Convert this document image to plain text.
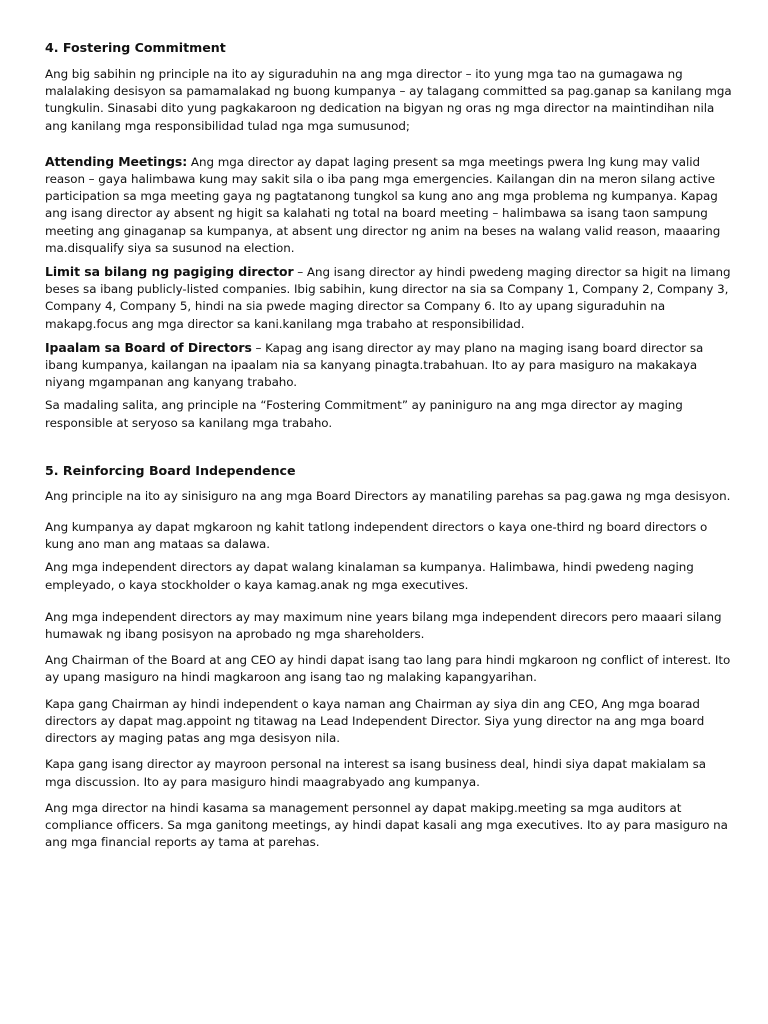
4. Fostering Commitment

Ang big sabihin ng principle na ito ay siguraduhin na ang mga director – ito yung mga tao na gumagawa ng malalaking desisyon sa pamamalakad ng buong kumpanya – ay talagang committed sa pag.ganap sa kanilang mga tungkulin. Sinasabi dito yung pagkakaroon ng dedication na bigyan ng oras ng mga director na maintindihan nila ang kanilang mga responsibilidad tulad nga mga sumusunod;

Attending Meetings: Ang mga director ay dapat laging present sa mga meetings pwera lng kung may valid reason – gaya halimbawa kung may sakit sila o iba pang mga emergencies. Kailangan din na meron silang active participation sa mga meeting gaya ng pagtatanong tungkol sa kung ano ang mga problema ng kumpanya. Kapag ang isang director ay absent ng higit sa kalahati ng total na board meeting – halimbawa sa isang taon sampung meeting ang ginaganap sa kumpanya, at absent ung director ng anim na beses na walang valid reason, maaaring ma.disqualify siya sa susunod na election.

Limit sa bilang ng pagiging director – Ang isang director ay hindi pwedeng maging director sa higit na limang beses sa ibang publicly-listed companies. Ibig sabihin, kung director na sia sa Company 1, Company 2, Company 3, Company 4, Company 5, hindi na sia pwede maging director sa Company 6. Ito ay upang siguraduhin na makapg.focus ang mga director sa kani.kanilang mga trabaho at responsibilidad.

Ipaalam sa Board of Directors – Kapag ang isang director ay may plano na maging isang board director sa ibang kumpanya, kailangan na ipaalam nia sa kanyang pinagta.trabahuan. Ito ay para masiguro na makakaya niyang mgampanan ang kanyang trabaho.

Sa madaling salita, ang principle na “Fostering Commitment” ay paniniguro na ang mga director ay maging responsible at seryoso sa kanilang mga trabaho.

5. Reinforcing Board Independence

Ang principle na ito ay sinisiguro na ang mga Board Directors ay manatiling parehas sa pag.gawa ng mga desisyon.

Ang kumpanya ay dapat mgkaroon ng kahit tatlong independent directors o kaya one-third ng board directors o kung ano man ang mataas sa dalawa.

Ang mga independent directors ay dapat walang kinalaman sa kumpanya. Halimbawa, hindi pwedeng naging empleyado, o kaya stockholder o kaya kamag.anak ng mga executives.

Ang mga independent directors ay may maximum nine years bilang mga independent direcors pero maaari silang humawak ng ibang posisyon na aprobado ng mga shareholders.

Ang Chairman of the Board at ang CEO ay hindi dapat isang tao lang para hindi mgkaroon ng conflict of interest. Ito ay upang masiguro na hindi magkaroon ang isang tao ng malaking kapangyarihan.

Kapa gang Chairman ay hindi independent o kaya naman ang Chairman ay siya din ang CEO, Ang mga boarad directors ay dapat mag.appoint ng titawag na Lead Independent Director. Siya yung director na ang mga board directors ay maging patas ang mga desisyon nila.

Kapa gang isang director ay mayroon personal na interest sa isang business deal, hindi siya dapat makialam sa mga discussion. Ito ay para masiguro hindi maagrabyado ang kumpanya.

Ang mga director na hindi kasama sa management personnel ay dapat makipg.meeting sa mga auditors at compliance officers. Sa mga ganitong meetings, ay hindi dapat kasali ang mga executives. Ito ay para masiguro na ang mga financial reports ay tama at parehas.
